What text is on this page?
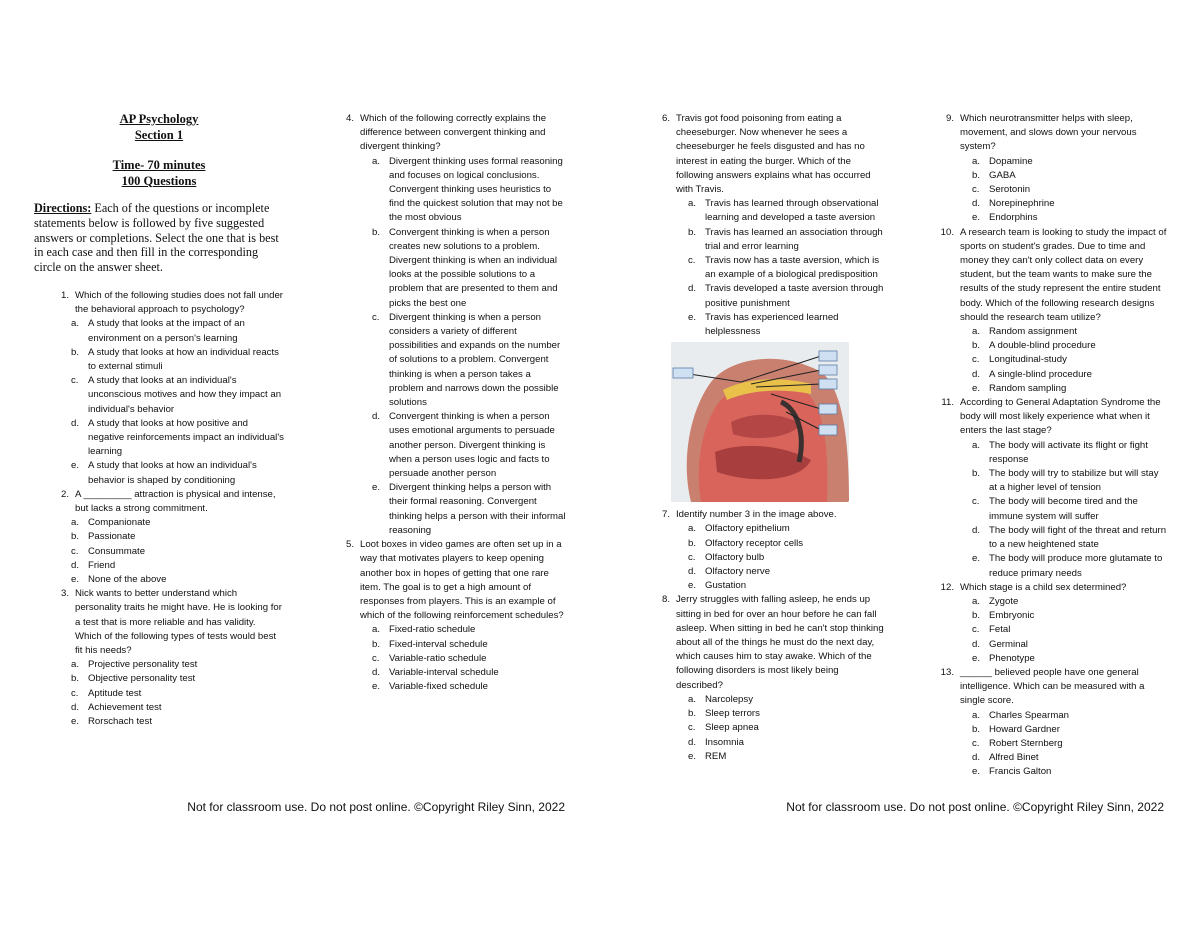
AP Psychology
Section 1
Time- 70 minutes
100 Questions
Directions: Each of the questions or incomplete statements below is followed by five suggested answers or completions. Select the one that is best in each case and then fill in the corresponding circle on the answer sheet.
1. Which of the following studies does not fall under the behavioral approach to psychology?
a. A study that looks at the impact of an environment on a person's learning
b. A study that looks at how an individual reacts to external stimuli
c. A study that looks at an individual's unconscious motives and how they impact an individual's behavior
d. A study that looks at how positive and negative reinforcements impact an individual's learning
e. A study that looks at how an individual's behavior is shaped by conditioning
2. A _________ attraction is physical and intense, but lacks a strong commitment.
a. Companionate
b. Passionate
c. Consummate
d. Friend
e. None of the above
3. Nick wants to better understand which personality traits he might have. He is looking for a test that is more reliable and has validity. Which of the following types of tests would best fit his needs?
a. Projective personality test
b. Objective personality test
c. Aptitude test
d. Achievement test
e. Rorschach test
4. Which of the following correctly explains the difference between convergent thinking and divergent thinking?
a. Divergent thinking uses formal reasoning and focuses on logical conclusions. Convergent thinking uses heuristics to find the quickest solution that may not be the most obvious
b. Convergent thinking is when a person creates new solutions to a problem. Divergent thinking is when an individual looks at the possible solutions to a problem that are presented to them and picks the best one
c. Divergent thinking is when a person considers a variety of different possibilities and expands on the number of solutions to a problem. Convergent thinking is when a person takes a problem and narrows down the possible solutions
d. Convergent thinking is when a person uses emotional arguments to persuade another person. Divergent thinking is when a person uses logic and facts to persuade another person
e. Divergent thinking helps a person with their formal reasoning. Convergent thinking helps a person with their informal reasoning
5. Loot boxes in video games are often set up in a way that motivates players to keep opening another box in hopes of getting that one rare item. The goal is to get a high amount of responses from players. This is an example of which of the following reinforcement schedules?
a. Fixed-ratio schedule
b. Fixed-interval schedule
c. Variable-ratio schedule
d. Variable-interval schedule
e. Variable-fixed schedule
6. Travis got food poisoning from eating a cheeseburger. Now whenever he sees a cheeseburger he feels disgusted and has no interest in eating the burger. Which of the following answers explains what has occurred with Travis.
a. Travis has learned through observational learning and developed a taste aversion
b. Travis has learned an association through trial and error learning
c. Travis now has a taste aversion, which is an example of a biological predisposition
d. Travis developed a taste aversion through positive punishment
e. Travis has experienced learned helplessness
7. Identify number 3 in the image above.
a. Olfactory epithelium
b. Olfactory receptor cells
c. Olfactory bulb
d. Olfactory nerve
e. Gustation
8. Jerry struggles with falling asleep, he ends up sitting in bed for over an hour before he can fall asleep. When sitting in bed he can't stop thinking about all of the things he must do the next day, which causes him to stay awake. Which of the following disorders is most likely being described?
a. Narcolepsy
b. Sleep terrors
c. Sleep apnea
d. Insomnia
e. REM
9. Which neurotransmitter helps with sleep, movement, and slows down your nervous system?
a. Dopamine
b. GABA
c. Serotonin
d. Norepinephrine
e. Endorphins
10. A research team is looking to study the impact of sports on student's grades. Due to time and money they can't only collect data on every student, but the team wants to make sure the results of the study represent the entire student body. Which of the following research designs should the research team utilize?
a. Random assignment
b. A double-blind procedure
c. Longitudinal-study
d. A single-blind procedure
e. Random sampling
11. According to General Adaptation Syndrome the body will most likely experience what when it enters the last stage?
a. The body will activate its flight or fight response
b. The body will try to stabilize but will stay at a higher level of tension
c. The body will become tired and the immune system will suffer
d. The body will fight of the threat and return to a new heightened state
e. The body will produce more glutamate to reduce primary needs
12. Which stage is a child sex determined?
a. Zygote
b. Embryonic
c. Fetal
d. Germinal
e. Phenotype
13. ______ believed people have one general intelligence. Which can be measured with a single score.
a. Charles Spearman
b. Howard Gardner
c. Robert Sternberg
d. Alfred Binet
e. Francis Galton
Not for classroom use. Do not post online. ©Copyright Riley Sinn, 2022	Not for classroom use. Do not post online. ©Copyright Riley Sinn, 2022
